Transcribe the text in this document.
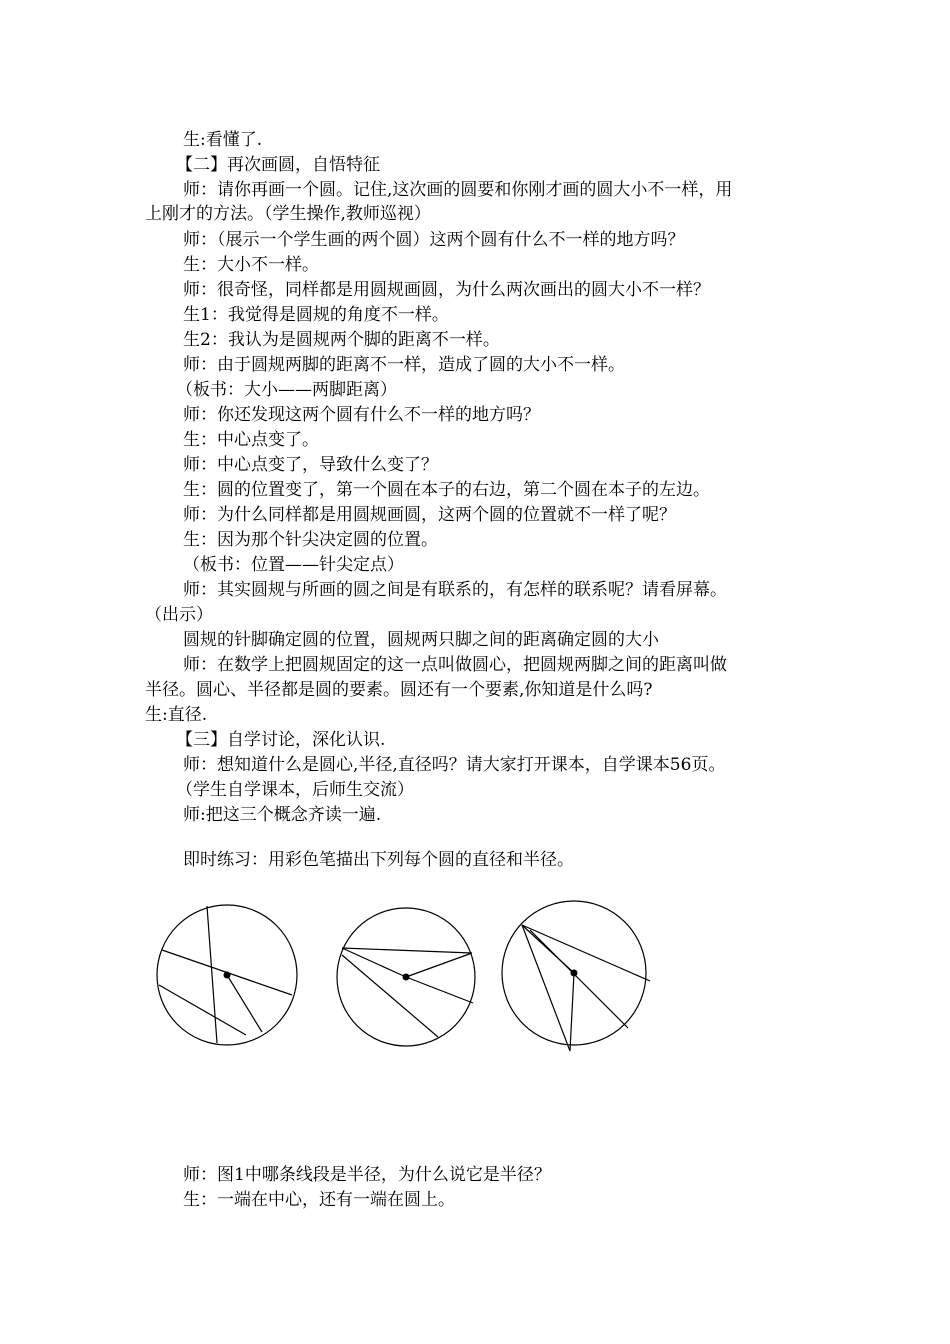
生:看懂了.
【二】再次画圆，自悟特征
师：请你再画一个圆。记住,这次画的圆要和你刚才画的圆大小不一样，用
上刚才的方法。（学生操作,教师巡视）
师：（展示一个学生画的两个圆）这两个圆有什么不一样的地方吗？
生：大小不一样。
师：很奇怪，同样都是用圆规画圆，为什么两次画出的圆大小不一样？
生1：我觉得是圆规的角度不一样。
生2：我认为是圆规两个脚的距离不一样。
师：由于圆规两脚的距离不一样，造成了圆的大小不一样。
（板书：大小——两脚距离）
师：你还发现这两个圆有什么不一样的地方吗？
生：中心点变了。
师：中心点变了，导致什么变了？
生：圆的位置变了，第一个圆在本子的右边，第二个圆在本子的左边。
师：为什么同样都是用圆规画圆，这两个圆的位置就不一样了呢？
生：因为那个针尖决定圆的位置。
（板书：位置——针尖定点）
师：其实圆规与所画的圆之间是有联系的，有怎样的联系呢？请看屏幕。
（出示）
圆规的针脚确定圆的位置，圆规两只脚之间的距离确定圆的大小
师：在数学上把圆规固定的这一点叫做圆心，把圆规两脚之间的距离叫做
半径。圆心、半径都是圆的要素。圆还有一个要素,你知道是什么吗?
生:直径.
【三】自学讨论，深化认识.
师：想知道什么是圆心,半径,直径吗？请大家打开课本，自学课本56页。
（学生自学课本，后师生交流）
师:把这三个概念齐读一遍.
即时练习：用彩色笔描出下列每个圆的直径和半径。
师：图1中哪条线段是半径，为什么说它是半径？
生：一端在中心，还有一端在圆上。
